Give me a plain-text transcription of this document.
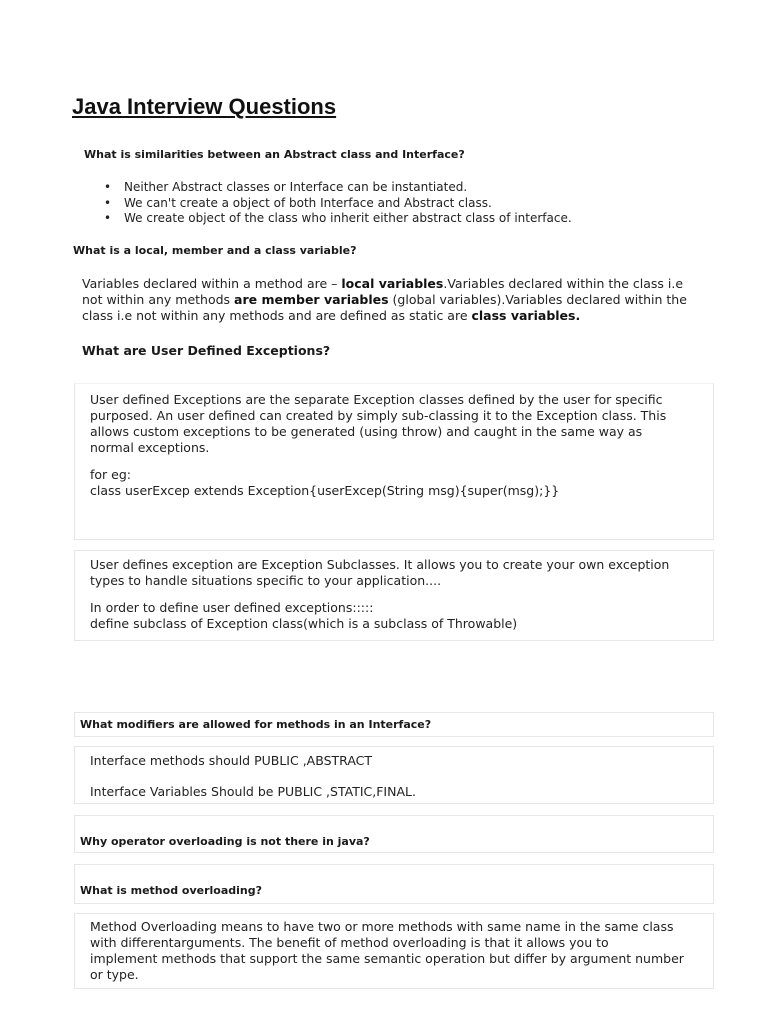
Java Interview Questions
What is similarities between an Abstract class and Interface?
• Neither Abstract classes or Interface can be instantiated.
• We can't create a object of both Interface and Abstract class.
• We create object of the class who inherit either abstract class of interface.
What is a local, member and a class variable?
Variables declared within a method are – local variables.Variables declared within the class i.e
not within any methods are member variables (global variables).Variables declared within the
class i.e not within any methods and are defined as static are class variables.
What are User Defined Exceptions?
User defined Exceptions are the separate Exception classes defined by the user for specific
purposed. An user defined can created by simply sub-classing it to the Exception class. This
allows custom exceptions to be generated (using throw) and caught in the same way as
normal exceptions.
for eg:
class userExcep extends Exception{userExcep(String msg){super(msg);}}
User defines exception are Exception Subclasses. It allows you to create your own exception
types to handle situations specific to your application....
In order to define user defined exceptions:::::
define subclass of Exception class(which is a subclass of Throwable)
What modifiers are allowed for methods in an Interface?
Interface methods should PUBLIC ,ABSTRACT
Interface Variables Should be PUBLIC ,STATIC,FINAL.
Why operator overloading is not there in java?
What is method overloading?
Method Overloading means to have two or more methods with same name in the same class
with differentarguments. The benefit of method overloading is that it allows you to
implement methods that support the same semantic operation but differ by argument number
or type.
